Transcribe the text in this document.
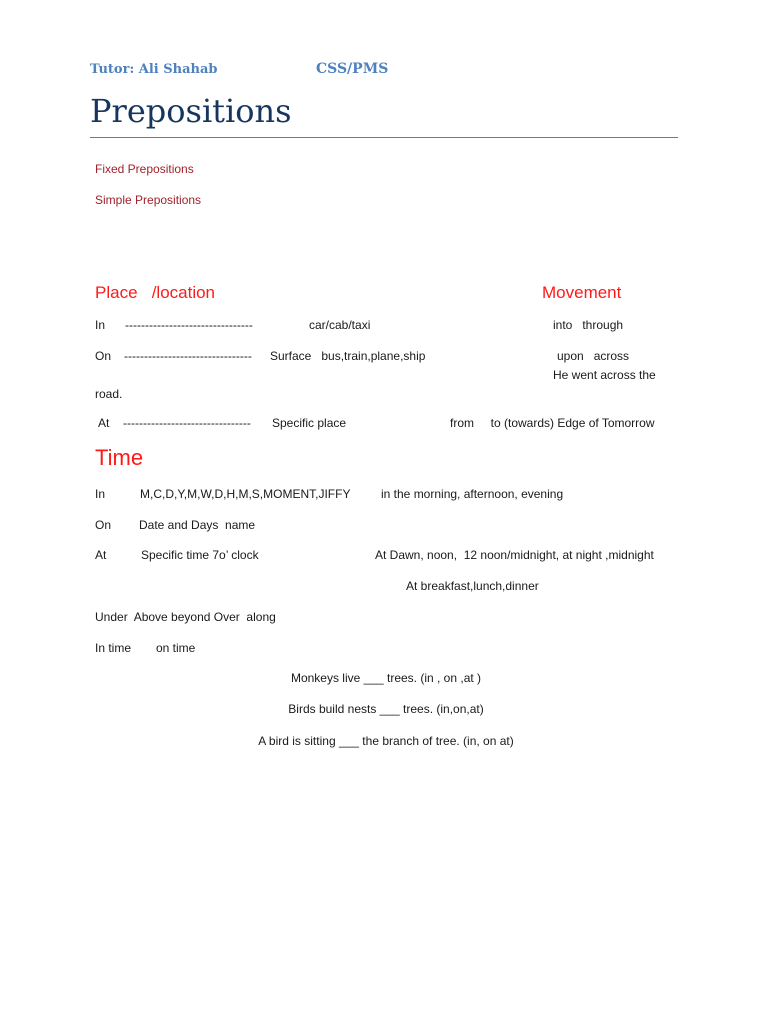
Tutor: Ali Shahab	CSS/PMS
Prepositions
Fixed Prepositions
Simple Prepositions
Place   /location	Movement
In --------------------------------	car/cab/taxi	into   through
On -------------------------------- Surface   bus,train,plane,ship	upon   across
He went across the
road.
At -------------------------------- Specific place	from     to (towards) Edge of Tomorrow
Time
In	M,C,D,Y,M,W,D,H,M,S,MOMENT,JIFFY	in the morning, afternoon, evening
On Date and Days  name
At	Specific time 7o’ clock	At Dawn, noon,  12 noon/midnight, at night ,midnight
At breakfast,lunch,dinner
Under  Above beyond Over  along
In time on time
Monkeys live ___ trees. (in , on ,at )
Birds build nests ___ trees. (in,on,at)
A bird is sitting ___ the branch of tree. (in, on at)
